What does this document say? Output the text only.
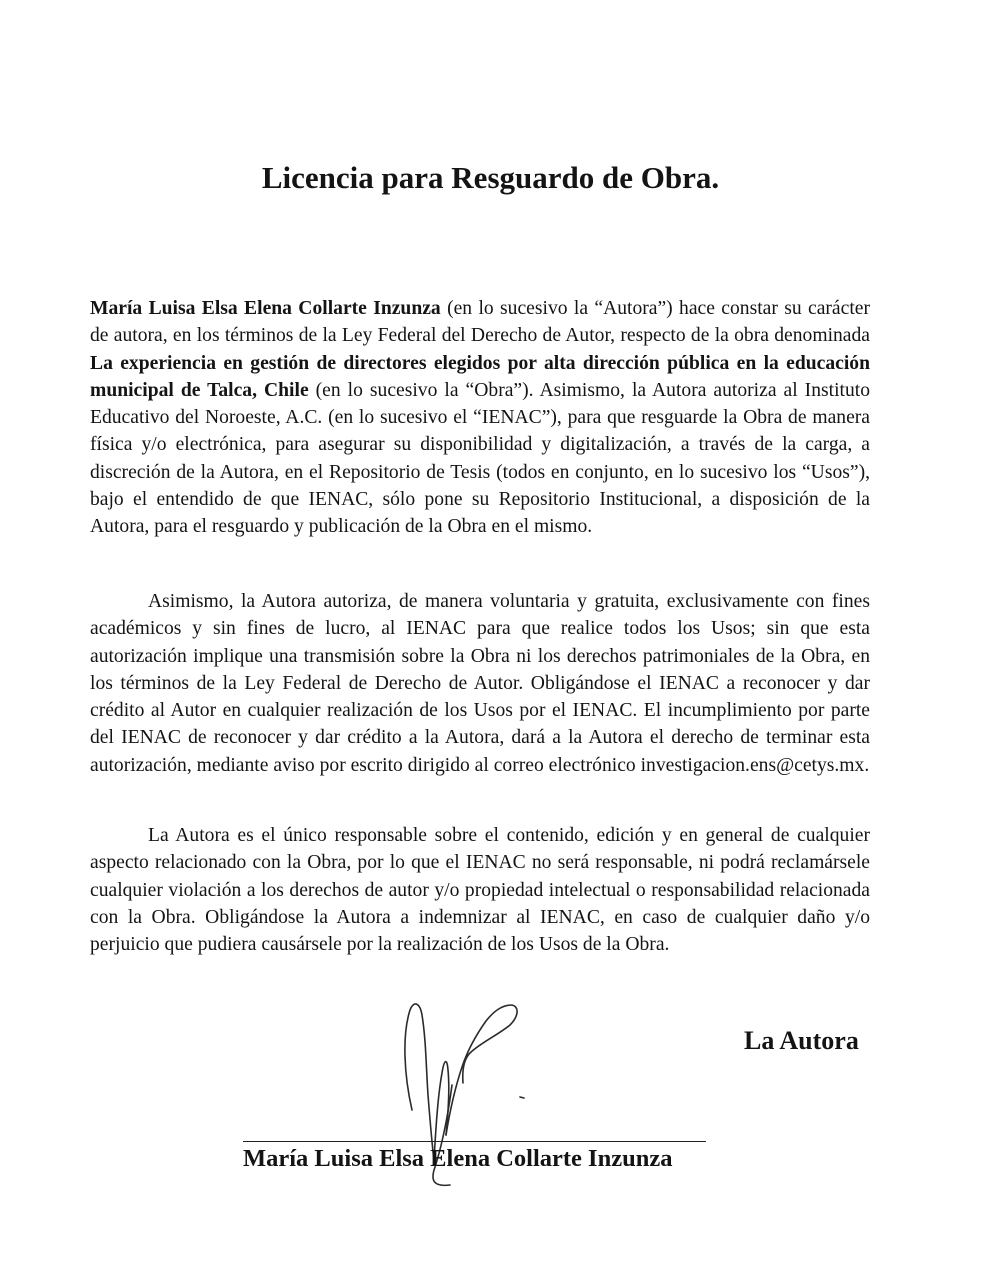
Licencia para Resguardo de Obra.

María Luisa Elsa Elena Collarte Inzunza (en lo sucesivo la “Autora”) hace constar su carácter de autora, en los términos de la Ley Federal del Derecho de Autor, respecto de la obra denominada La experiencia en gestión de directores elegidos por alta dirección pública en la educación municipal de Talca, Chile (en lo sucesivo la “Obra”). Asimismo, la Autora autoriza al Instituto Educativo del Noroeste, A.C. (en lo sucesivo el “IENAC”), para que resguarde la Obra de manera física y/o electrónica, para asegurar su disponibilidad y digitalización, a través de la carga, a discreción de la Autora, en el Repositorio de Tesis (todos en conjunto, en lo sucesivo los “Usos”), bajo el entendido de que IENAC, sólo pone su Repositorio Institucional, a disposición de la Autora, para el resguardo y publicación de la Obra en el mismo.

Asimismo, la Autora autoriza, de manera voluntaria y gratuita, exclusivamente con fines académicos y sin fines de lucro, al IENAC para que realice todos los Usos; sin que esta autorización implique una transmisión sobre la Obra ni los derechos patrimoniales de la Obra, en los términos de la Ley Federal de Derecho de Autor. Obligándose el IENAC a reconocer y dar crédito al Autor en cualquier realización de los Usos por el IENAC. El incumplimiento por parte del IENAC de reconocer y dar crédito a la Autora, dará a la Autora el derecho de terminar esta autorización, mediante aviso por escrito dirigido al correo electrónico investigacion.ens@cetys.mx.

La Autora es el único responsable sobre el contenido, edición y en general de cualquier aspecto relacionado con la Obra, por lo que el IENAC no será responsable, ni podrá reclamársele cualquier violación a los derechos de autor y/o propiedad intelectual o responsabilidad relacionada con la Obra. Obligándose la Autora a indemnizar al IENAC, en caso de cualquier daño y/o perjuicio que pudiera causársele por la realización de los Usos de la Obra.

La Autora

María Luisa Elsa Elena Collarte Inzunza
